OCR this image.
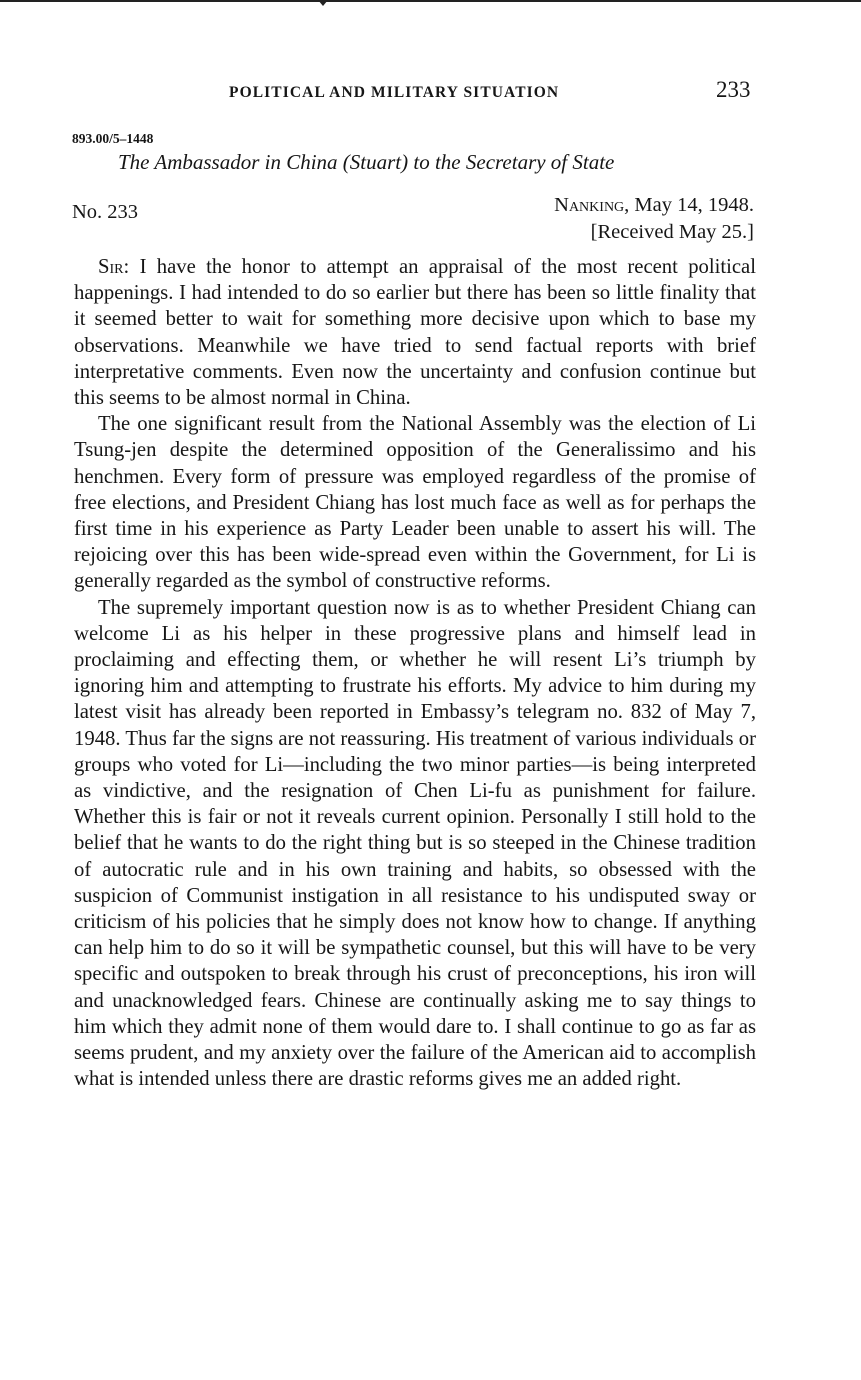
POLITICAL AND MILITARY SITUATION	233
893.00/5–1448
The Ambassador in China (Stuart) to the Secretary of State
No. 233	Nanking, May 14, 1948.
[Received May 25.]

Sir: I have the honor to attempt an appraisal of the most recent political happenings. I had intended to do so earlier but there has been so little finality that it seemed better to wait for something more decisive upon which to base my observations. Meanwhile we have tried to send factual reports with brief interpretative comments. Even now the uncertainty and confusion continue but this seems to be almost normal in China.

The one significant result from the National Assembly was the election of Li Tsung-jen despite the determined opposition of the Generalissimo and his henchmen. Every form of pressure was employed regardless of the promise of free elections, and President Chiang has lost much face as well as for perhaps the first time in his experience as Party Leader been unable to assert his will. The rejoicing over this has been wide-spread even within the Government, for Li is generally regarded as the symbol of constructive reforms.

The supremely important question now is as to whether President Chiang can welcome Li as his helper in these progressive plans and himself lead in proclaiming and effecting them, or whether he will resent Li’s triumph by ignoring him and attempting to frustrate his efforts. My advice to him during my latest visit has already been reported in Embassy’s telegram no. 832 of May 7, 1948. Thus far the signs are not reassuring. His treatment of various individuals or groups who voted for Li—including the two minor parties—is being interpreted as vindictive, and the resignation of Chen Li-fu as punishment for failure. Whether this is fair or not it reveals current opinion. Personally I still hold to the belief that he wants to do the right thing but is so steeped in the Chinese tradition of autocratic rule and in his own training and habits, so obsessed with the suspicion of Communist instigation in all resistance to his undisputed sway or criticism of his policies that he simply does not know how to change. If anything can help him to do so it will be sympathetic counsel, but this will have to be very specific and outspoken to break through his crust of preconceptions, his iron will and unacknowledged fears. Chinese are continually asking me to say things to him which they admit none of them would dare to. I shall continue to go as far as seems prudent, and my anxiety over the failure of the American aid to accomplish what is intended unless there are drastic reforms gives me an added right.
